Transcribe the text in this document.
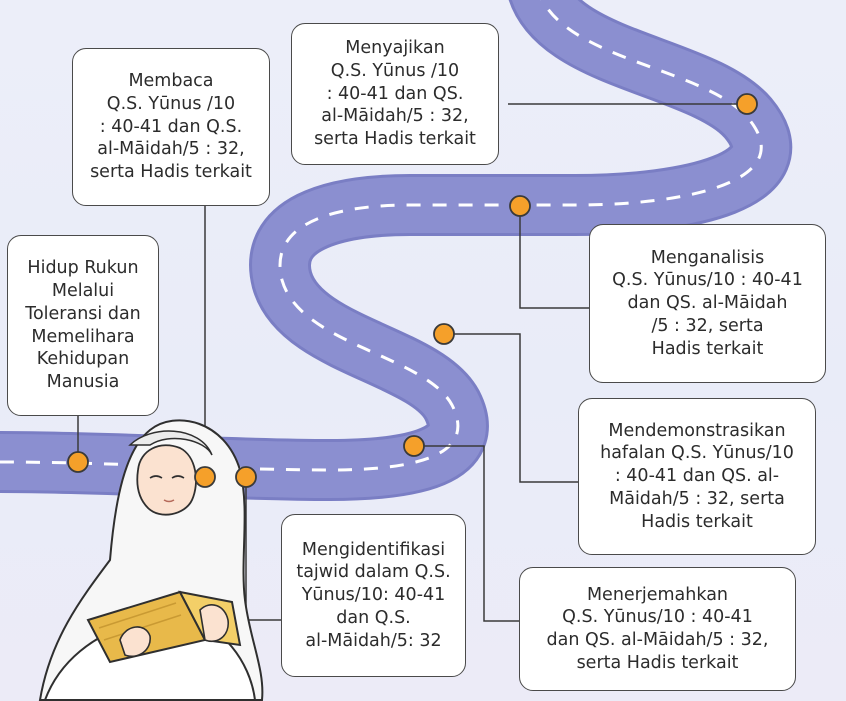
Hidup Rukun
Melalui
Toleransi dan
Memelihara
Kehidupan
Manusia
Membaca
Q.S. Yūnus /10
: 40-41 dan Q.S.
al-Māidah/5 : 32,
serta Hadis terkait
Mengidentifikasi
tajwid dalam Q.S.
Yūnus/10: 40-41
dan Q.S.
al-Māidah/5: 32
Menyajikan
Q.S. Yūnus /10
: 40-41 dan QS.
al-Māidah/5 : 32,
serta Hadis terkait
Menganalisis
Q.S. Yūnus/10 : 40-41
dan QS. al-Māidah
/5 : 32, serta
Hadis terkait
Mendemonstrasikan
hafalan Q.S. Yūnus/10
: 40-41 dan QS. al-
Māidah/5 : 32, serta
Hadis terkait
Menerjemahkan
Q.S. Yūnus/10 : 40-41
dan QS. al-Māidah/5 : 32,
serta Hadis terkait
